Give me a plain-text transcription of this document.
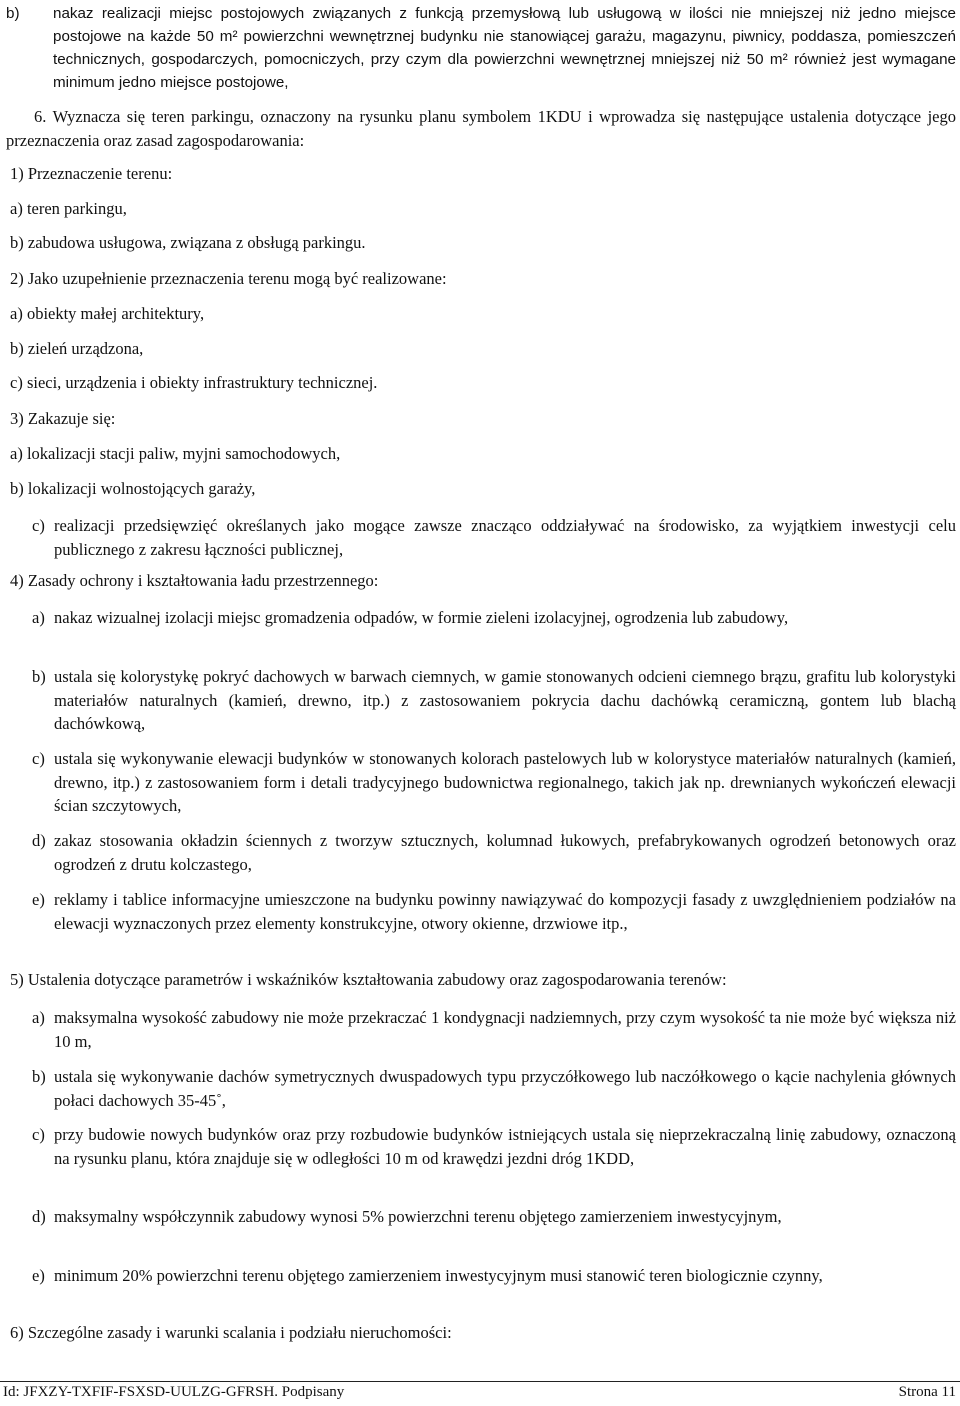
b) nakaz realizacji miejsc postojowych związanych z funkcją przemysłową lub usługową w ilości nie mniejszej niż jedno miejsce postojowe na każde 50 m² powierzchni wewnętrznej budynku nie stanowiącej garażu, magazynu, piwnicy, poddasza, pomieszczeń technicznych, gospodarczych, pomocniczych, przy czym dla powierzchni wewnętrznej mniejszej niż 50 m² również jest wymagane minimum jedno miejsce postojowe,
6. Wyznacza się teren parkingu, oznaczony na rysunku planu symbolem 1KDU i wprowadza się następujące ustalenia dotyczące jego przeznaczenia oraz zasad zagospodarowania:
1) Przeznaczenie terenu:
a) teren parkingu,
b) zabudowa usługowa, związana z obsługą parkingu.
2) Jako uzupełnienie przeznaczenia terenu mogą być realizowane:
a) obiekty małej architektury,
b) zieleń urządzona,
c) sieci, urządzenia i obiekty infrastruktury technicznej.
3) Zakazuje się:
a) lokalizacji stacji paliw, myjni samochodowych,
b) lokalizacji wolnostojących garaży,
c) realizacji przedsięwzięć określanych jako mogące zawsze znacząco oddziaływać na środowisko, za wyjątkiem inwestycji celu publicznego z zakresu łączności publicznej,
4) Zasady ochrony i kształtowania ładu przestrzennego:
a) nakaz wizualnej izolacji miejsc gromadzenia odpadów, w formie zieleni izolacyjnej, ogrodzenia lub zabudowy,
b) ustala się kolorystykę pokryć dachowych w barwach ciemnych, w gamie stonowanych odcieni ciemnego brązu, grafitu lub kolorystyki materiałów naturalnych (kamień, drewno, itp.) z zastosowaniem pokrycia dachu dachówką ceramiczną, gontem lub blachą dachówkową,
c) ustala się wykonywanie elewacji budynków w stonowanych kolorach pastelowych lub w kolorystyce materiałów naturalnych (kamień, drewno, itp.) z zastosowaniem form i detali tradycyjnego budownictwa regionalnego, takich jak np. drewnianych wykończeń elewacji ścian szczytowych,
d) zakaz stosowania okładzin ściennych z tworzyw sztucznych, kolumnad łukowych, prefabrykowanych ogrodzeń betonowych oraz ogrodzeń z drutu kolczastego,
e) reklamy i tablice informacyjne umieszczone na budynku powinny nawiązywać do kompozycji fasady z uwzględnieniem podziałów na elewacji wyznaczonych przez elementy konstrukcyjne, otwory okienne, drzwiowe itp.,
5) Ustalenia dotyczące parametrów i wskaźników kształtowania zabudowy oraz zagospodarowania terenów:
a) maksymalna wysokość zabudowy nie może przekraczać 1 kondygnacji nadziemnych, przy czym wysokość ta nie może być większa niż 10 m,
b) ustala się wykonywanie dachów symetrycznych dwuspadowych typu przyczółkowego lub naczółkowego o kącie nachylenia głównych połaci dachowych 35-45˚,
c) przy budowie nowych budynków oraz przy rozbudowie budynków istniejących ustala się nieprzekraczalną linię zabudowy, oznaczoną na rysunku planu, która znajduje się w odległości 10 m od krawędzi jezdni dróg 1KDD,
d) maksymalny współczynnik zabudowy wynosi 5% powierzchni terenu objętego zamierzeniem inwestycyjnym,
e) minimum 20% powierzchni terenu objętego zamierzeniem inwestycyjnym musi stanowić teren biologicznie czynny,
6) Szczególne zasady i warunki scalania i podziału nieruchomości:
Id: JFXZY-TXFIF-FSXSD-UULZG-GFRSH. Podpisany	Strona 11
